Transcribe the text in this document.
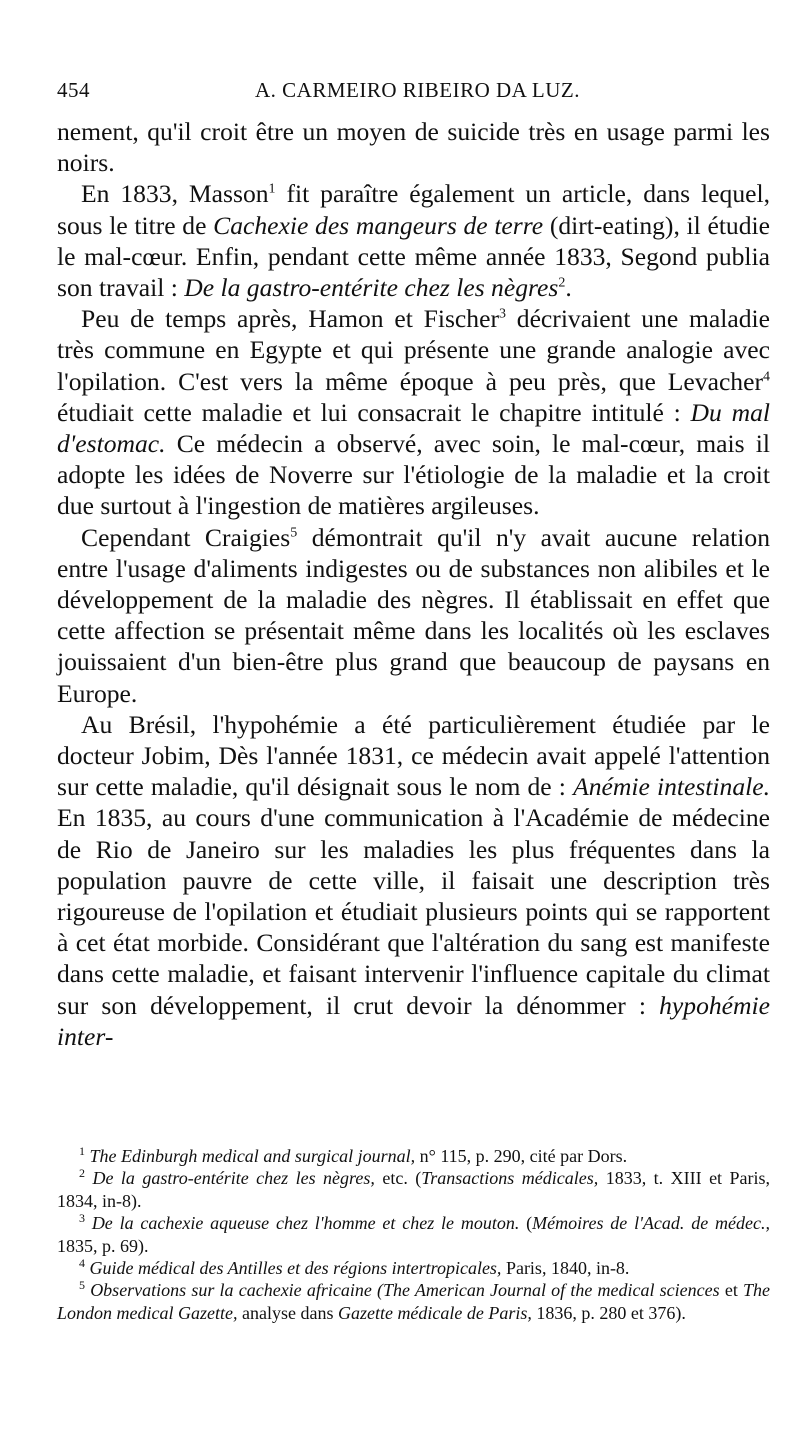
454	A. CARMEIRO RIBEIRO DA LUZ.

nement, qu'il croit être un moyen de suicide très en usage parmi les noirs.

En 1833, Masson$^1$ fit paraître également un article, dans lequel, sous le titre de Cachexie des mangeurs de terre (dirt-eating), il étudie le mal-cœur. Enfin, pendant cette même année 1833, Segond publia son travail : De la gastro-entérite chez les nègres$^2$.

Peu de temps après, Hamon et Fischer$^3$ décrivaient une maladie très commune en Egypte et qui présente une grande analogie avec l'opilation. C'est vers la même époque à peu près, que Levacher$^4$ étudiait cette maladie et lui consacrait le chapitre intitulé : Du mal d'estomac. Ce médecin a observé, avec soin, le mal-cœur, mais il adopte les idées de Noverre sur l'étiologie de la maladie et la croit due surtout à l'ingestion de matières argileuses.

Cependant Craigies$^5$ démontrait qu'il n'y avait aucune relation entre l'usage d'aliments indigestes ou de substances non alibiles et le développement de la maladie des nègres. Il établissait en effet que cette affection se présentait même dans les localités où les esclaves jouissaient d'un bien-être plus grand que beaucoup de paysans en Europe.

Au Brésil, l'hypohémie a été particulièrement étudiée par le docteur Jobim, Dès l'année 1831, ce médecin avait appelé l'attention sur cette maladie, qu'il désignait sous le nom de : Anémie intestinale. En 1835, au cours d'une communication à l'Académie de médecine de Rio de Janeiro sur les maladies les plus fréquentes dans la population pauvre de cette ville, il faisait une description très rigoureuse de l'opilation et étudiait plusieurs points qui se rapportent à cet état morbide. Considérant que l'altération du sang est manifeste dans cette maladie, et faisant intervenir l'influence capitale du climat sur son développement, il crut devoir la dénommer : hypohémie inter-

$^1$ The Edinburgh medical and surgical journal, n° 115, p. 290, cité par Dors.

$^2$ De la gastro-entérite chez les nègres, etc. (Transactions médicales, 1833, t. XIII et Paris, 1834, in-8).

$^3$ De la cachexie aqueuse chez l'homme et chez le mouton. (Mémoires de l'Acad. de médec., 1835, p. 69).

$^4$ Guide médical des Antilles et des régions intertropicales, Paris, 1840, in-8.

$^5$ Observations sur la cachexie africaine (The American Journal of the medical sciences et The London medical Gazette, analyse dans Gazette médicale de Paris, 1836, p. 280 et 376).
